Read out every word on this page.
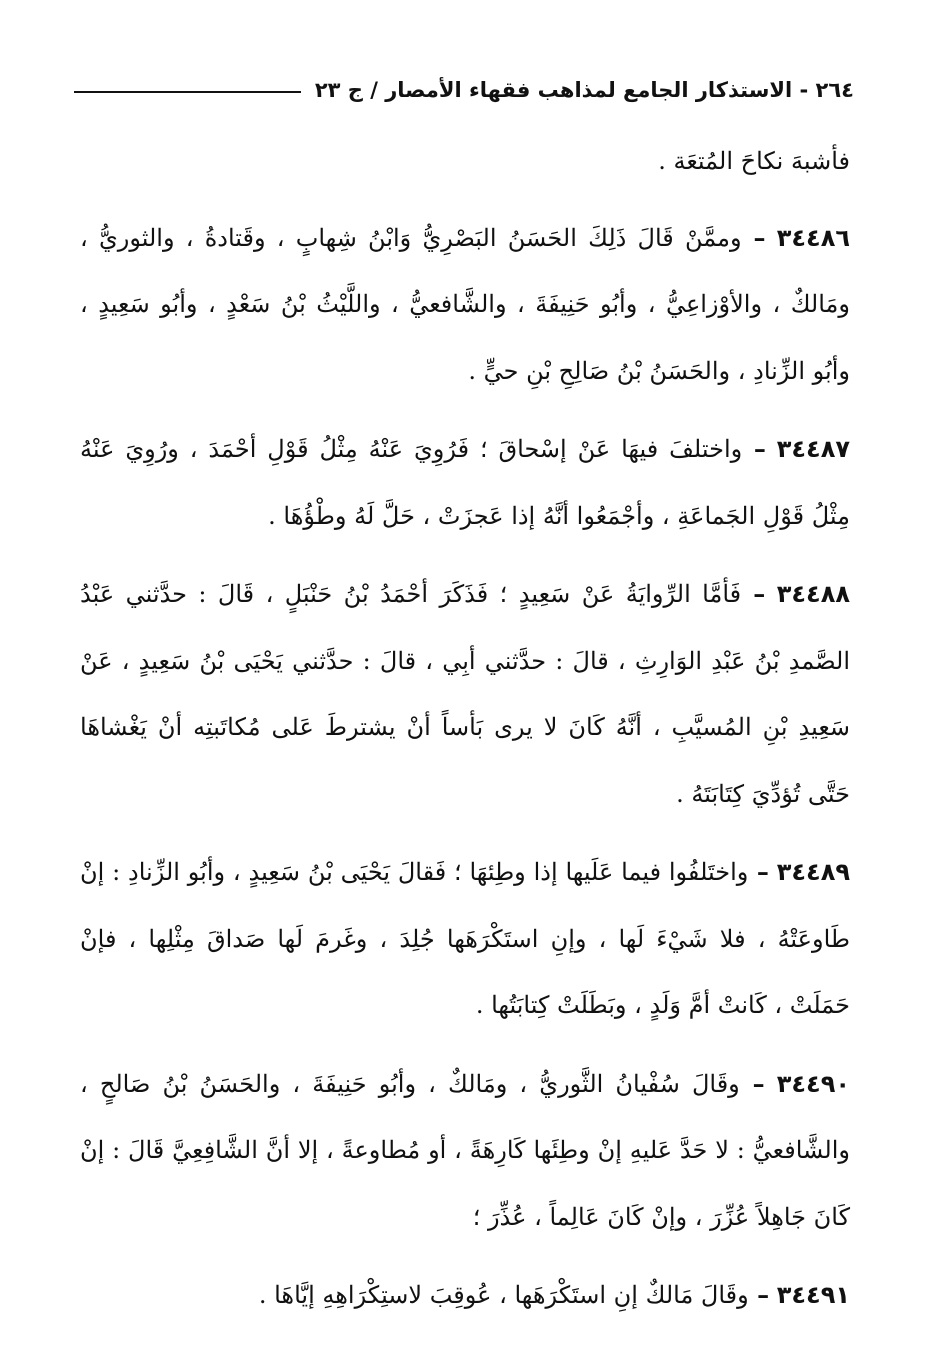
٢٦٤ - الاستذكار الجامع لمذاهب فقهاء الأمصار / ج ٢٣

فأشبهَ نكاحَ المُتعَة .

٣٤٤٨٦ – وممَّنْ قَالَ ذَلِكَ الحَسَنُ البَصْرِيُّ وَابْنُ شِهابٍ ، وقَتادةُ ، والثوريُّ ، ومَالكٌ ، والأوْزاعِيُّ ، وأبُو حَنِيفَةَ ، والشَّافعيُّ ، واللَّيْثُ بْنُ سَعْدٍ ، وأبُو سَعِيدٍ ، وأبُو الزِّنادِ ، والحَسَنُ بْنُ صَالِحِ بْنِ حيٍّ .

٣٤٤٨٧ – واختلفَ فيهَا عَنْ إسْحاقَ ؛ فَرُوِيَ عَنْهُ مِثْلُ قَوْلِ أحْمَدَ ، ورُوِيَ عَنْهُ مِثْلُ قَوْلِ الجَماعَةِ ، وأجْمَعُوا أنَّهُ إذا عَجزَتْ ، حَلَّ لَهُ وطْؤُهَا .

٣٤٤٨٨ – فَأمَّا الرِّوايَةُ عَنْ سَعِيدٍ ؛ فَذَكَرَ أحْمَدُ بْنُ حَنْبَلٍ ، قَالَ : حدَّثني عَبْدُ الصَّمدِ بْنُ عَبْدِ الوَارِثِ ، قالَ : حدَّثني أبِي ، قالَ : حدَّثني يَحْيَى بْنُ سَعِيدٍ ، عَنْ سَعِيدِ بْنِ المُسيَّبِ ، أنَّهُ كَانَ لا يرى بَأساً أنْ يشترطَ عَلى مُكاتَبتِه أنْ يَغْشاهَا حَتَّى تُؤدِّيَ كِتَابَتَهُ .

٣٤٤٨٩ – واختَلفُوا فيما عَلَيها إذا وطِئهَا ؛ فَقالَ يَحْيَى بْنُ سَعِيدٍ ، وأبُو الزِّنادِ : إنْ طَاوعَتْهُ ، فلا شَيْءَ لَها ، وإنِ استَكْرَهَها جُلِدَ ، وغَرمَ لَها صَداقَ مِثْلِها ، فإنْ حَمَلَتْ ، كَانتْ أمَّ وَلَدٍ ، وبَطَلَتْ كِتابَتُها .

٣٤٤٩٠ – وقَالَ سُفْيانُ الثَّوريُّ ، ومَالكٌ ، وأبُو حَنِيفَةَ ، والحَسَنُ بْنُ صَالحٍ ، والشَّافعيُّ : لا حَدَّ عَليهِ إنْ وطِئَها كَارِهَةً ، أو مُطاوعةً ، إلا أنَّ الشَّافِعِيَّ قَالَ : إنْ كَانَ جَاهِلاً عُزِّرَ ، وإنْ كَانَ عَالِماً ، عُذِّرَ ؛

٣٤٤٩١ – وقَالَ مَالكٌ إنِ استَكْرَهَها ، عُوقِبَ لاستِكْرَاهِهِ إيَّاهَا .
